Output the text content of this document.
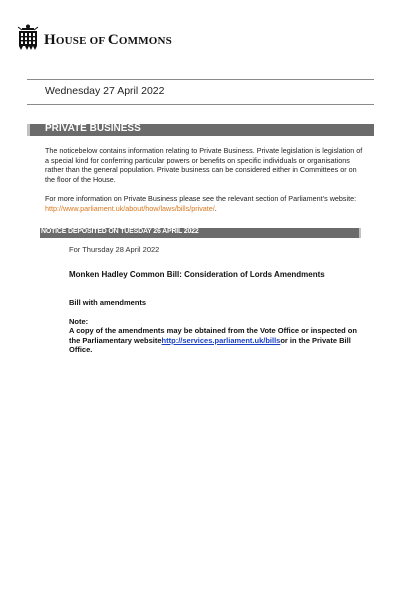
HOUSE OF COMMONS
Wednesday 27 April 2022
PRIVATE BUSINESS
The noticebelow contains information relating to Private Business. Private legislation is legislation of a special kind for conferring particular powers or benefits on specific individuals or organisations rather than the general population. Private business can be considered either in Committees or on the floor of the House.
For more information on Private Business please see the relevant section of Parliament’s website: http://www.parliament.uk/about/how/laws/bills/private/.
NOTICE DEPOSITED ON TUESDAY 26 APRIL 2022
For Thursday 28 April 2022
Monken Hadley Common Bill: Consideration of Lords Amendments
Bill with amendments
Note:
A copy of the amendments may be obtained from the Vote Office or inspected on the Parliamentary websitehttp://services.parliament.uk/billsor in the Private Bill Office.
